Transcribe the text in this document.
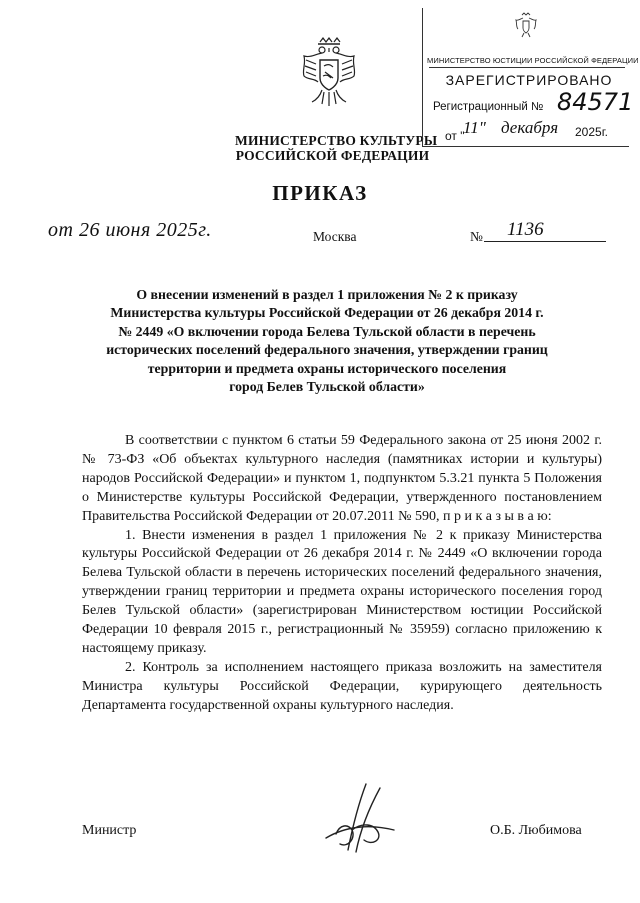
МИНИСТЕРСТВО КУЛЬТУРЫ
РОССИЙСКОЙ ФЕДЕРАЦИИ
МИНИСТЕРСТВО ЮСТИЦИИ РОССИЙСКОЙ ФЕДЕРАЦИИ
ЗАРЕГИСТРИРОВАНО
Регистрационный № 84571
от "
11" декабря 2025г.
ПРИКАЗ
от 26 июня 2025г.	Москва	№ 1136
О внесении изменений в раздел 1 приложения № 2 к приказу
Министерства культуры Российской Федерации от 26 декабря 2014 г.
№ 2449 «О включении города Белева Тульской области в перечень
исторических поселений федерального значения, утверждении границ
территории и предмета охраны исторического поселения
город Белев Тульской области»

В соответствии с пунктом 6 статьи 59 Федерального закона от 25 июня 2002 г. № 73-ФЗ «Об объектах культурного наследия (памятниках истории и культуры) народов Российской Федерации» и пунктом 1, подпунктом 5.3.21 пункта 5 Положения о Министерстве культуры Российской Федерации, утвержденного постановлением Правительства Российской Федерации от 20.07.2011 № 590, п р и к а з ы в а ю:

1. Внести изменения в раздел 1 приложения № 2 к приказу Министерства культуры Российской Федерации от 26 декабря 2014 г. № 2449 «О включении города Белева Тульской области в перечень исторических поселений федерального значения, утверждении границ территории и предмета охраны исторического поселения город Белев Тульской области» (зарегистрирован Министерством юстиции Российской Федерации 10 февраля 2015 г., регистрационный № 35959) согласно приложению к настоящему приказу.

2. Контроль за исполнением настоящего приказа возложить на заместителя Министра культуры Российской Федерации, курирующего деятельность Департамента государственной охраны культурного наследия.

Министр	О.Б. Любимова
